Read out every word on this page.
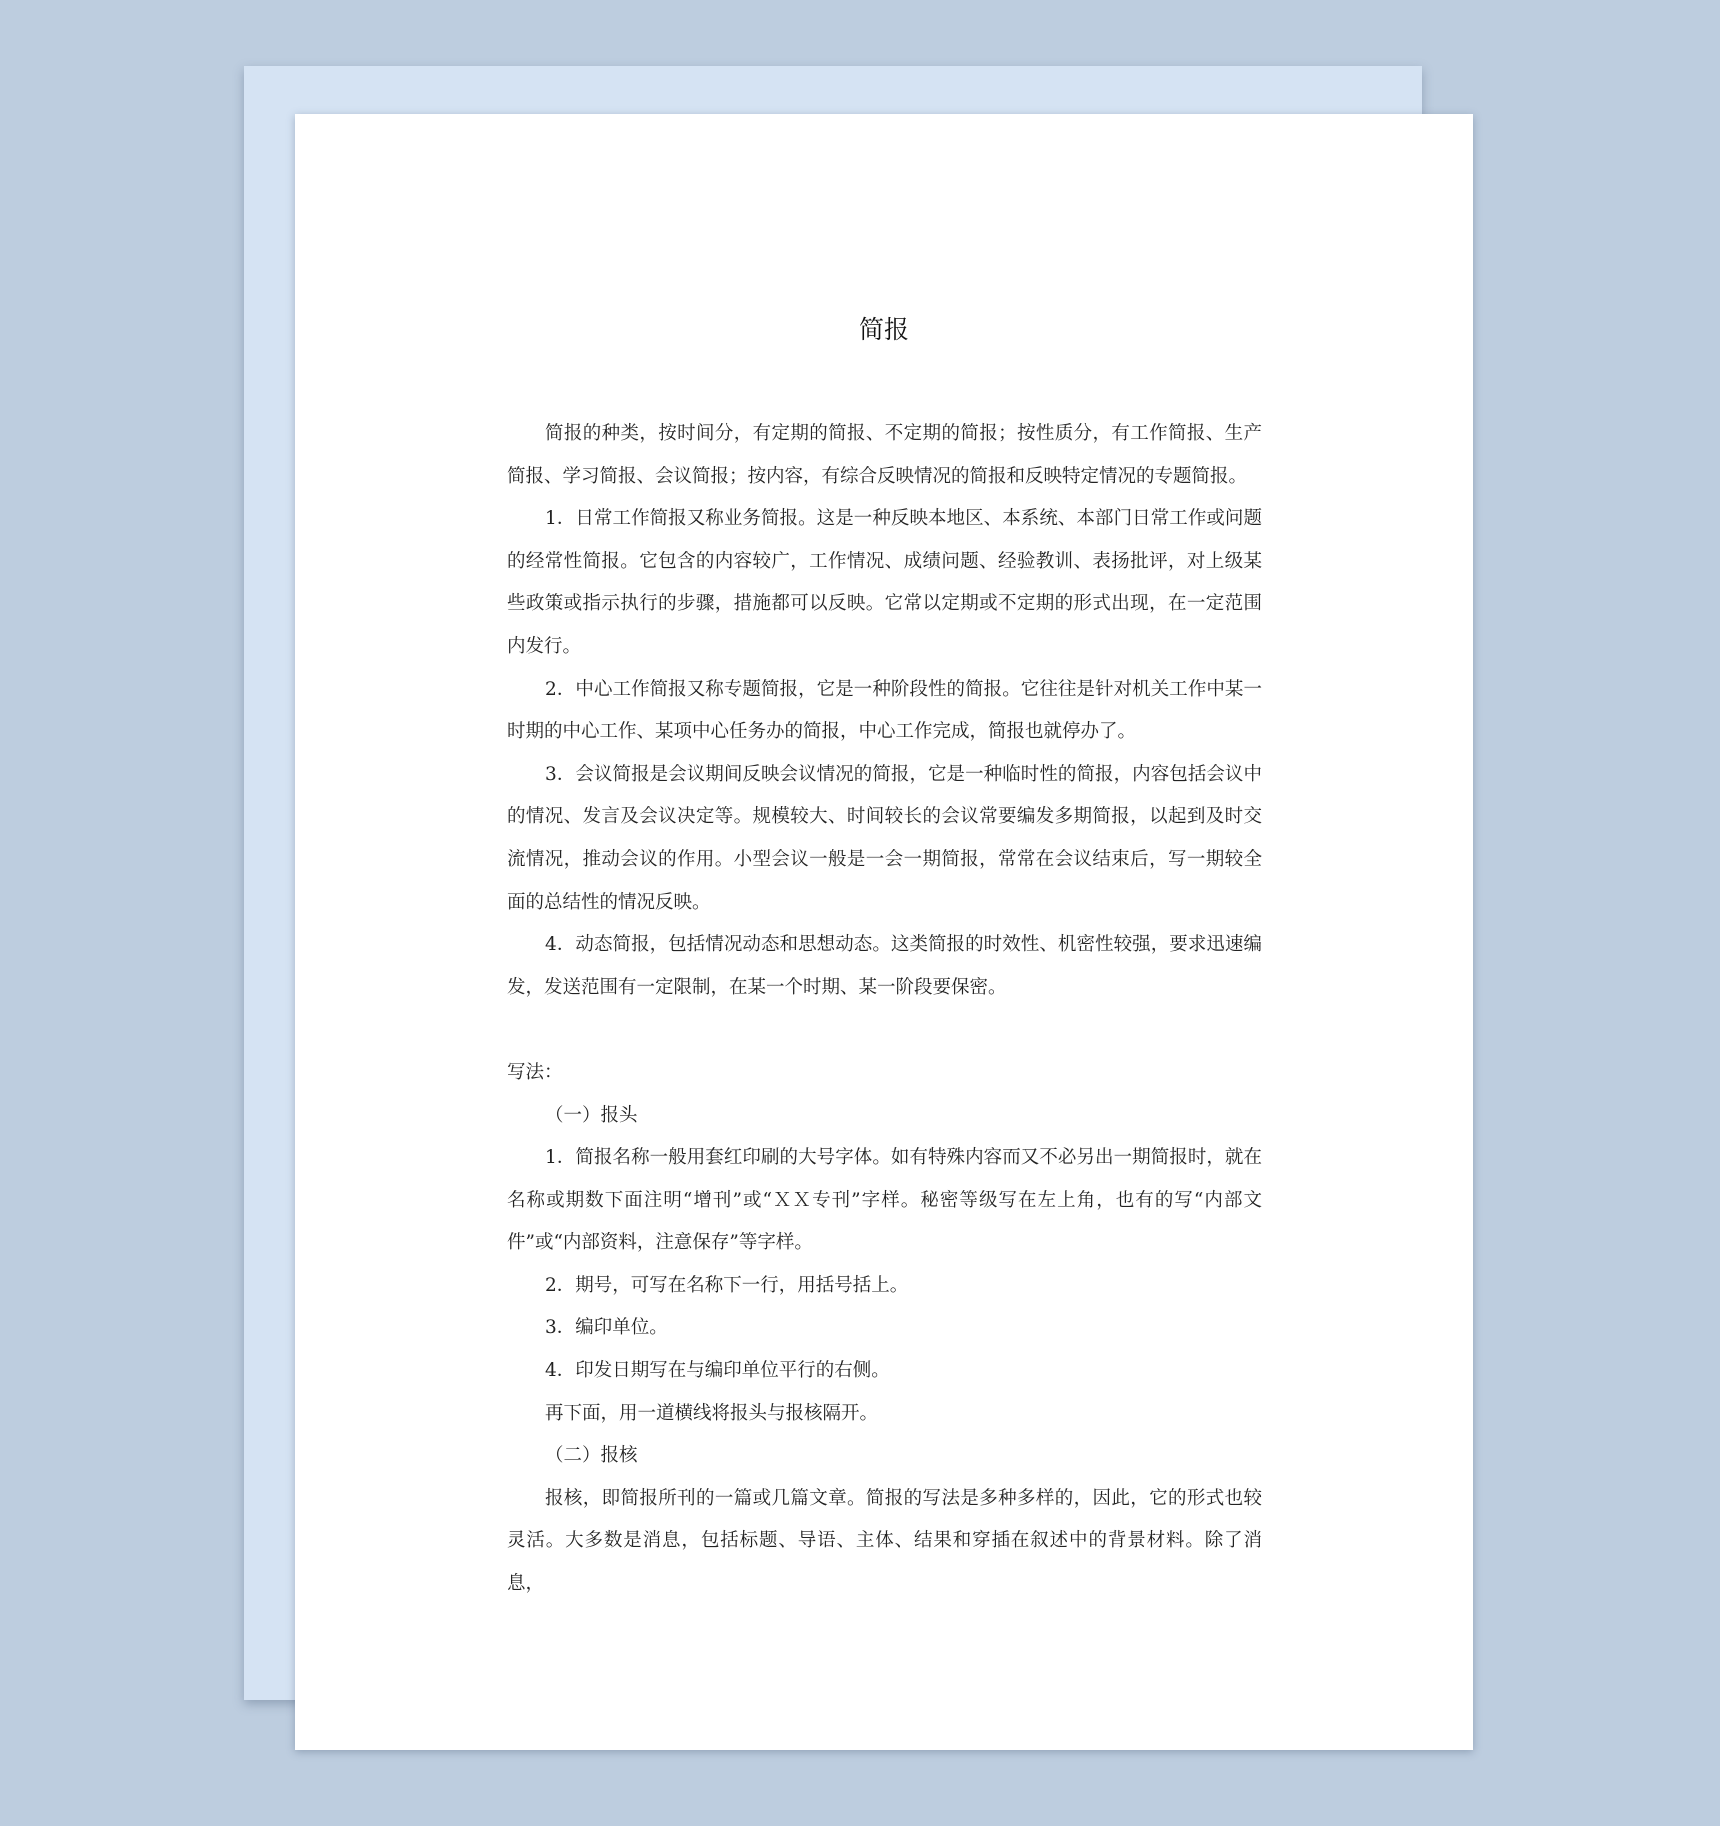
简报

简报的种类，按时间分，有定期的简报、不定期的简报；按性质分，有工作简报、生产简报、学习简报、会议简报；按内容，有综合反映情况的简报和反映特定情况的专题简报。

1．日常工作简报又称业务简报。这是一种反映本地区、本系统、本部门日常工作或问题的经常性简报。它包含的内容较广，工作情况、成绩问题、经验教训、表扬批评，对上级某些政策或指示执行的步骤，措施都可以反映。它常以定期或不定期的形式出现，在一定范围内发行。

2．中心工作简报又称专题简报，它是一种阶段性的简报。它往往是针对机关工作中某一时期的中心工作、某项中心任务办的简报，中心工作完成，简报也就停办了。

3．会议简报是会议期间反映会议情况的简报，它是一种临时性的简报，内容包括会议中的情况、发言及会议决定等。规模较大、时间较长的会议常要编发多期简报，以起到及时交流情况，推动会议的作用。小型会议一般是一会一期简报，常常在会议结束后，写一期较全面的总结性的情况反映。

4．动态简报，包括情况动态和思想动态。这类简报的时效性、机密性较强，要求迅速编发，发送范围有一定限制，在某一个时期、某一阶段要保密。

写法：

（一）报头

1．简报名称一般用套红印刷的大号字体。如有特殊内容而又不必另出一期简报时，就在名称或期数下面注明“增刊”或“ＸＸ专刊”字样。秘密等级写在左上角，也有的写“内部文件”或“内部资料，注意保存”等字样。

2．期号，可写在名称下一行，用括号括上。

3．编印单位。

4．印发日期写在与编印单位平行的右侧。

再下面，用一道横线将报头与报核隔开。

（二）报核

报核，即简报所刊的一篇或几篇文章。简报的写法是多种多样的，因此，它的形式也较灵活。大多数是消息，包括标题、导语、主体、结果和穿插在叙述中的背景材料。除了消息，
